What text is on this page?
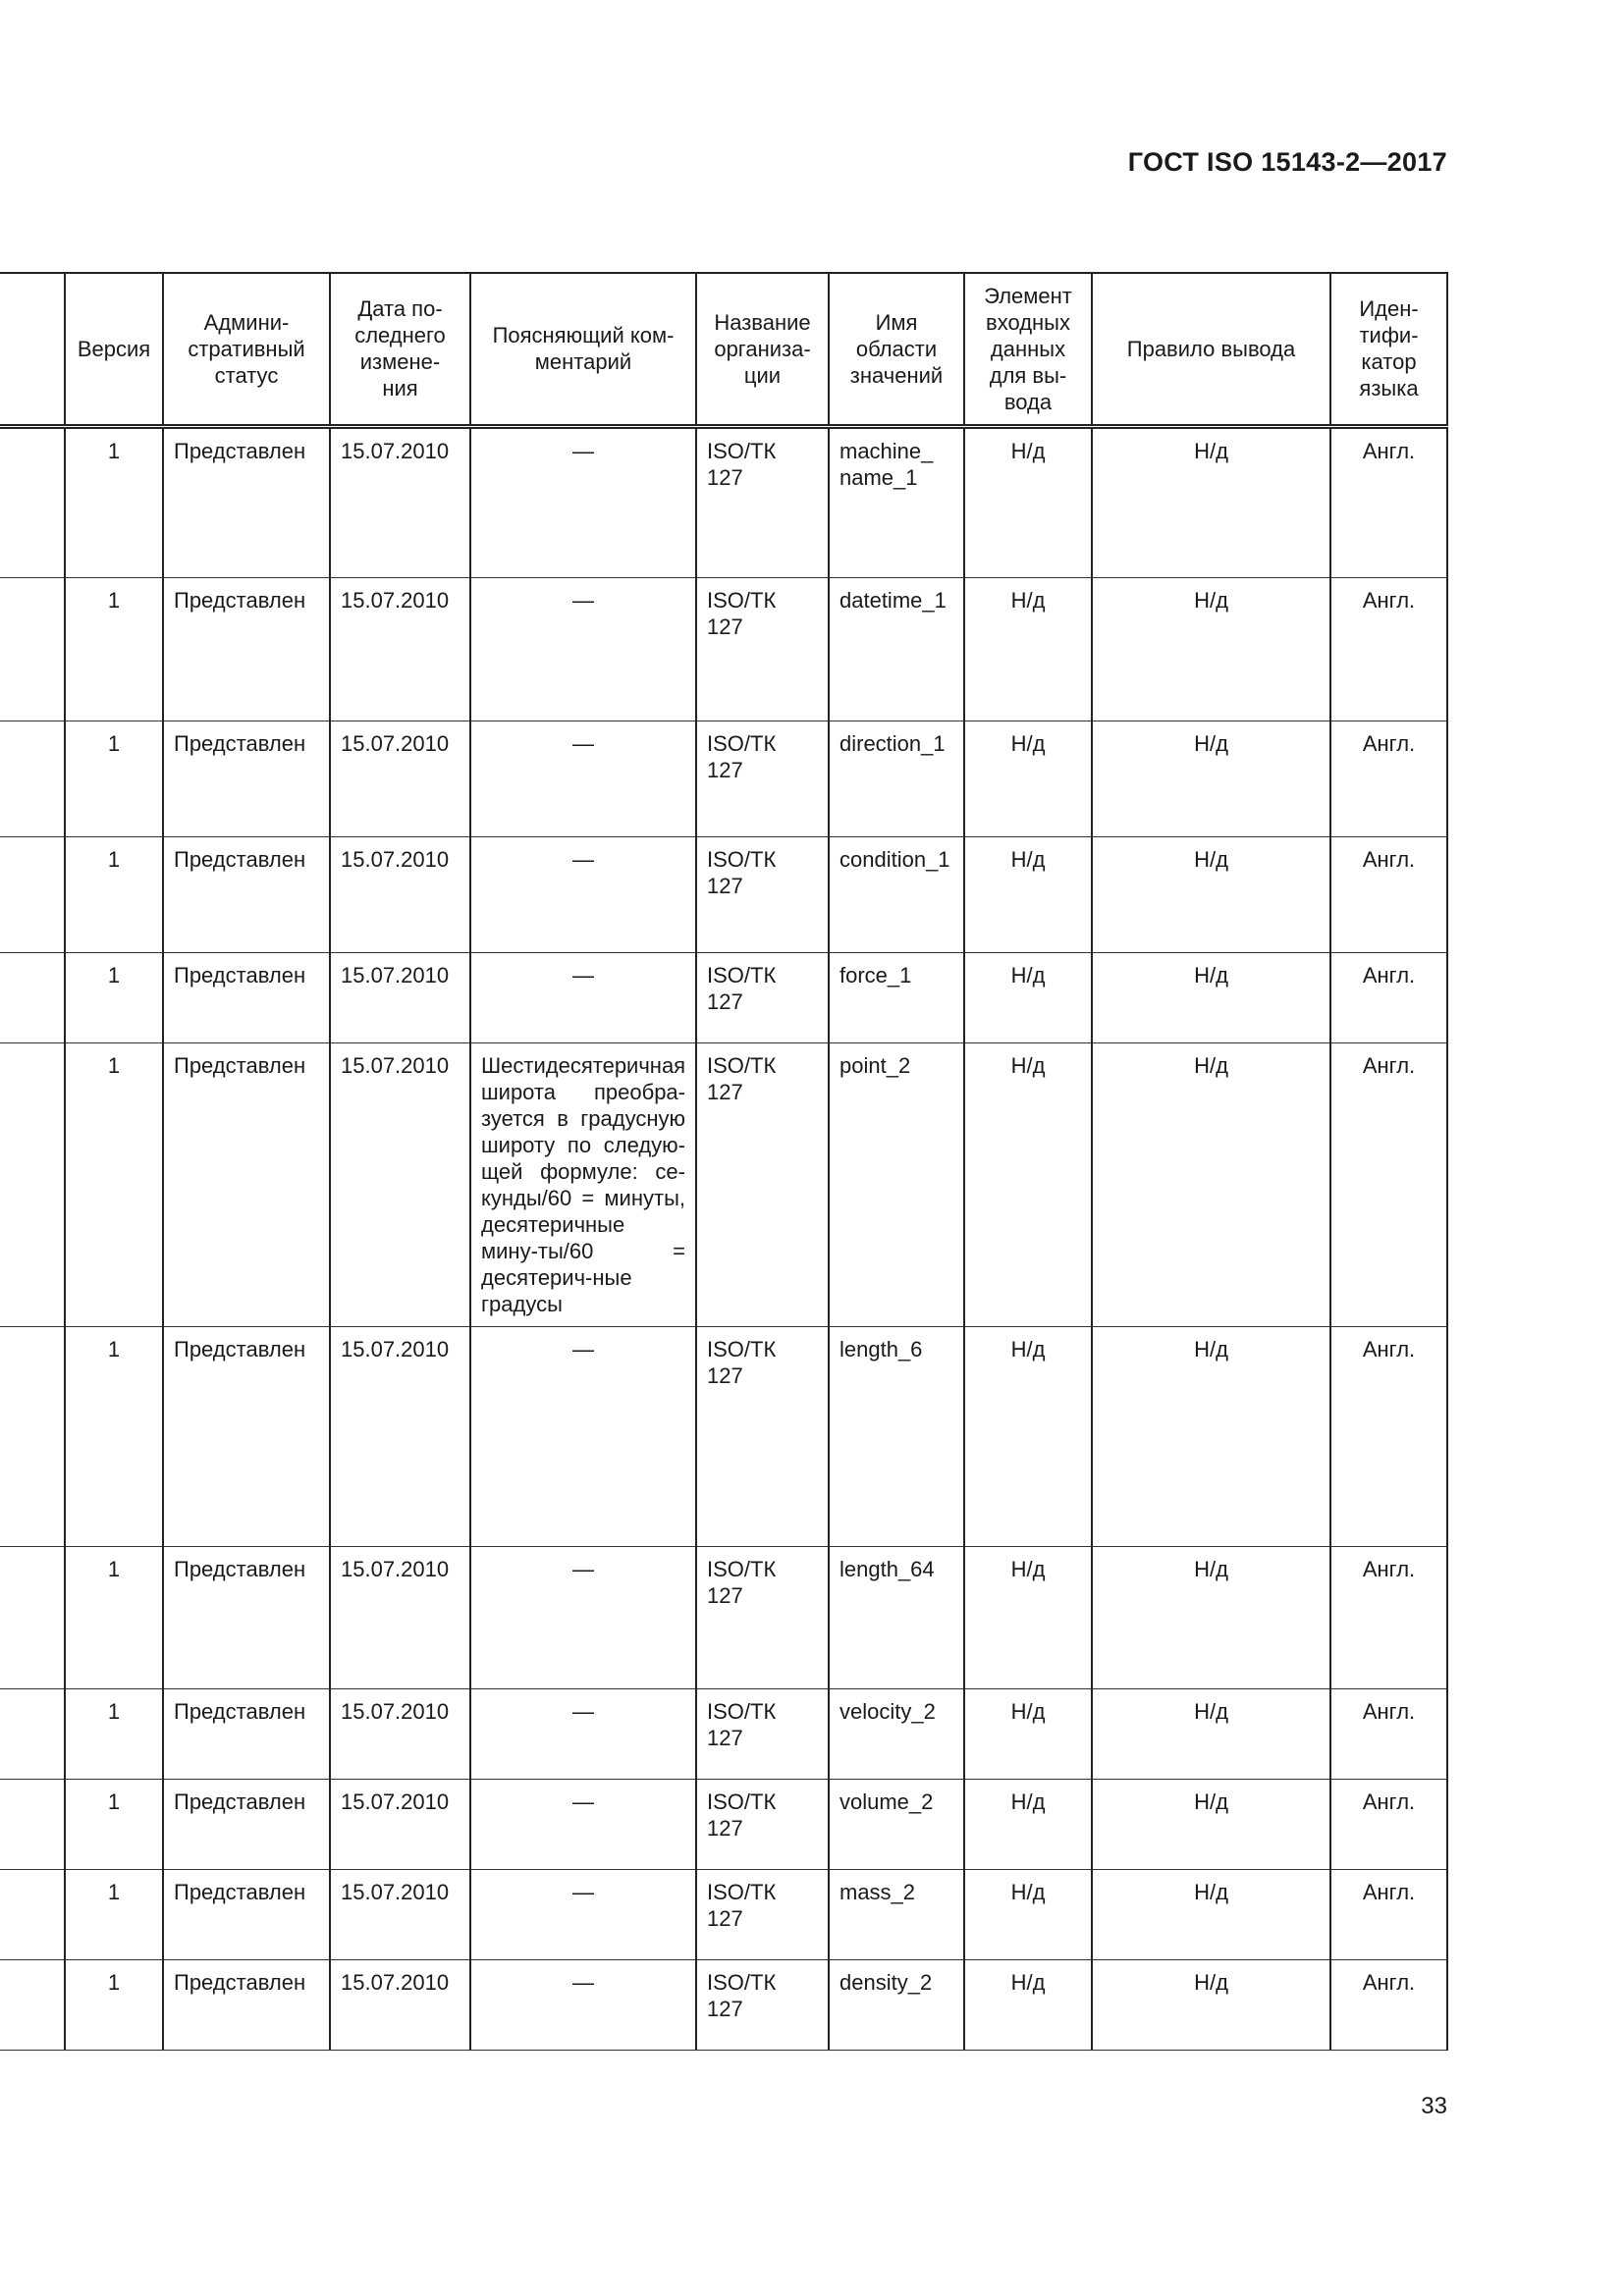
ГОСТ ISO 15143-2—2017
	Версия	Админи-
стративный
статус	Дата по-
следнего
измене-
ния	Поясняющий ком-
ментарий	Название
организа-
ции	Имя
области
значений	Элемент
входных
данных
для вы-
вода	Правило вывода	Иден-
тифи-
катор
языка
	1	Представлен	15.07.2010	—	ISO/ТК
127	machine_
name_1	Н/д	Н/д	Англ.
	1	Представлен	15.07.2010	—	ISO/ТК
127	datetime_1	Н/д	Н/д	Англ.
	1	Представлен	15.07.2010	—	ISO/ТК
127	direction_1	Н/д	Н/д	Англ.
	1	Представлен	15.07.2010	—	ISO/ТК
127	condition_1	Н/д	Н/д	Англ.
	1	Представлен	15.07.2010	—	ISO/ТК
127	force_1	Н/д	Н/д	Англ.
	1	Представлен	15.07.2010	Шестидесятеричная широта преобра-зуется в градусную широту по следую-щей формуле: се-кунды/60 = минуты, десятеричные мину-ты/60 = десятерич-ные градусы	ISO/ТК
127	point_2	Н/д	Н/д	Англ.
	1	Представлен	15.07.2010	—	ISO/ТК
127	length_6	Н/д	Н/д	Англ.
	1	Представлен	15.07.2010	—	ISO/ТК
127	length_64	Н/д	Н/д	Англ.
	1	Представлен	15.07.2010	—	ISO/ТК
127	velocity_2	Н/д	Н/д	Англ.
	1	Представлен	15.07.2010	—	ISO/ТК
127	volume_2	Н/д	Н/д	Англ.
	1	Представлен	15.07.2010	—	ISO/ТК
127	mass_2	Н/д	Н/д	Англ.
	1	Представлен	15.07.2010	—	ISO/ТК
127	density_2	Н/д	Н/д	Англ.
33
